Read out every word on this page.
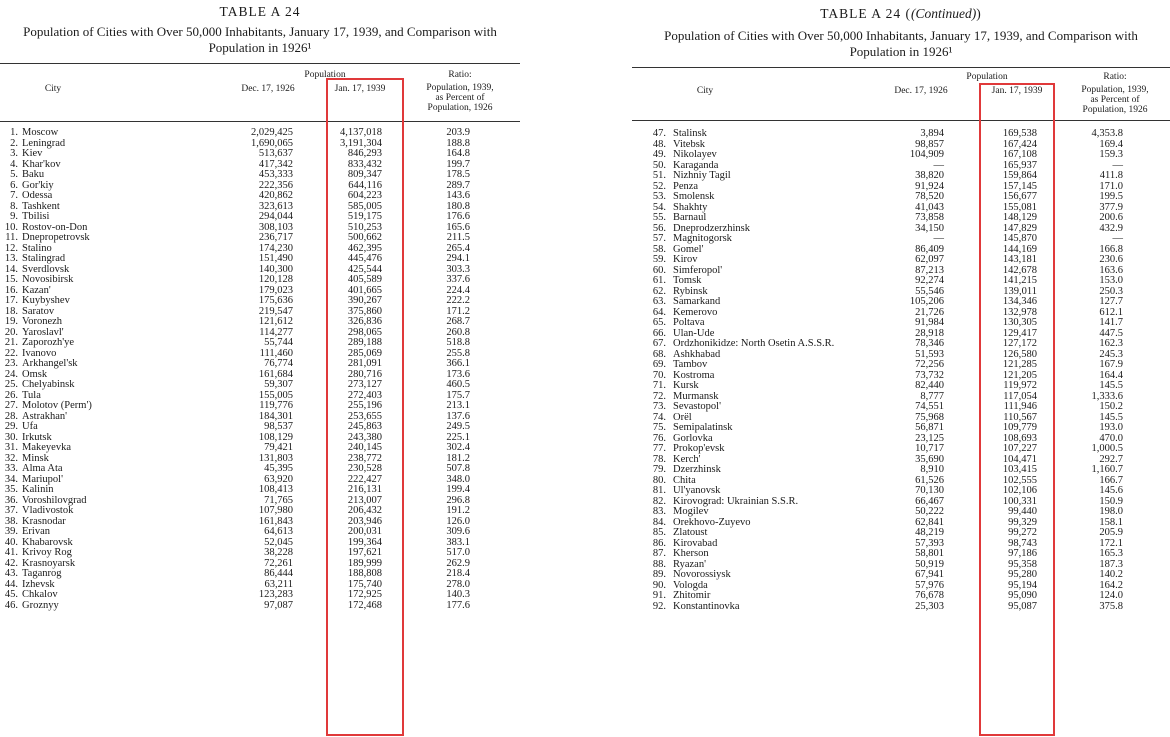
TABLE A 24
Population of Cities with Over 50,000 Inhabitants, January 17, 1939, and Comparison with
Population in 1926¹
City
Population
Dec. 17, 1926	Jan. 17, 1939
Ratio:
Population, 1939,
as Percent of
Population, 1926
1. Moscow	2,029,425	4,137,018	203.9
2. Leningrad	1,690,065	3,191,304	188.8
3. Kiev	513,637	846,293	164.8
4. Khar'kov	417,342	833,432	199.7
5. Baku	453,333	809,347	178.5
6. Gor'kiy	222,356	644,116	289.7
7. Odessa	420,862	604,223	143.6
8. Tashkent	323,613	585,005	180.8
9. Tbilisi	294,044	519,175	176.6
10. Rostov-on-Don	308,103	510,253	165.6
11. Dnepropetrovsk	236,717	500,662	211.5
12. Stalino	174,230	462,395	265.4
13. Stalingrad	151,490	445,476	294.1
14. Sverdlovsk	140,300	425,544	303.3
15. Novosibirsk	120,128	405,589	337.6
16. Kazan'	179,023	401,665	224.4
17. Kuybyshev	175,636	390,267	222.2
18. Saratov	219,547	375,860	171.2
19. Voronezh	121,612	326,836	268.7
20. Yaroslavl'	114,277	298,065	260.8
21. Zaporozh'ye	55,744	289,188	518.8
22. Ivanovo	111,460	285,069	255.8
23. Arkhangel'sk	76,774	281,091	366.1
24. Omsk	161,684	280,716	173.6
25. Chelyabinsk	59,307	273,127	460.5
26. Tula	155,005	272,403	175.7
27. Molotov (Perm')	119,776	255,196	213.1
28. Astrakhan'	184,301	253,655	137.6
29. Ufa	98,537	245,863	249.5
30. Irkutsk	108,129	243,380	225.1
31. Makeyevka	79,421	240,145	302.4
32. Minsk	131,803	238,772	181.2
33. Alma Ata	45,395	230,528	507.8
34. Mariupol'	63,920	222,427	348.0
35. Kalinin	108,413	216,131	199.4
36. Voroshilovgrad	71,765	213,007	296.8
37. Vladivostok	107,980	206,432	191.2
38. Krasnodar	161,843	203,946	126.0
39. Erivan	64,613	200,031	309.6
40. Khabarovsk	52,045	199,364	383.1
41. Krivoy Rog	38,228	197,621	517.0
42. Krasnoyarsk	72,261	189,999	262.9
43. Taganrog	86,444	188,808	218.4
44. Izhevsk	63,211	175,740	278.0
45. Chkalov	123,283	172,925	140.3
46. Groznyy	97,087	172,468	177.6
TABLE A 24 ((Continued))
Population of Cities with Over 50,000 Inhabitants, January 17, 1939, and Comparison with
Population in 1926¹
City
Population
Dec. 17, 1926	Jan. 17, 1939
Ratio:
Population, 1939,
as Percent of
Population, 1926
47. Stalinsk	3,894	169,538	4,353.8
48. Vitebsk	98,857	167,424	169.4
49. Nikolayev	104,909	167,108	159.3
50. Karaganda	—	165,937	—
51. Nizhniy Tagil	38,820	159,864	411.8
52. Penza	91,924	157,145	171.0
53. Smolensk	78,520	156,677	199.5
54. Shakhty	41,043	155,081	377.9
55. Barnaul	73,858	148,129	200.6
56. Dneprodzerzhinsk	34,150	147,829	432.9
57. Magnitogorsk	—	145,870	—
58. Gomel'	86,409	144,169	166.8
59. Kirov	62,097	143,181	230.6
60. Simferopol'	87,213	142,678	163.6
61. Tomsk	92,274	141,215	153.0
62. Rybinsk	55,546	139,011	250.3
63. Samarkand	105,206	134,346	127.7
64. Kemerovo	21,726	132,978	612.1
65. Poltava	91,984	130,305	141.7
66. Ulan-Ude	28,918	129,417	447.5
67. Ordzhonikidze: North Osetin A.S.S.R.	78,346	127,172	162.3
68. Ashkhabad	51,593	126,580	245.3
69. Tambov	72,256	121,285	167.9
70. Kostroma	73,732	121,205	164.4
71. Kursk	82,440	119,972	145.5
72. Murmansk	8,777	117,054	1,333.6
73. Sevastopol'	74,551	111,946	150.2
74. Orël	75,968	110,567	145.5
75. Semipalatinsk	56,871	109,779	193.0
76. Gorlovka	23,125	108,693	470.0
77. Prokop'evsk	10,717	107,227	1,000.5
78. Kerch'	35,690	104,471	292.7
79. Dzerzhinsk	8,910	103,415	1,160.7
80. Chita	61,526	102,555	166.7
81. Ul'yanovsk	70,130	102,106	145.6
82. Kirovograd: Ukrainian S.S.R.	66,467	100,331	150.9
83. Mogilev	50,222	99,440	198.0
84. Orekhovo-Zuyevo	62,841	99,329	158.1
85. Zlatoust	48,219	99,272	205.9
86. Kirovabad	57,393	98,743	172.1
87. Kherson	58,801	97,186	165.3
88. Ryazan'	50,919	95,358	187.3
89. Novorossiysk	67,941	95,280	140.2
90. Vologda	57,976	95,194	164.2
91. Zhitomir	76,678	95,090	124.0
92. Konstantinovka	25,303	95,087	375.8
